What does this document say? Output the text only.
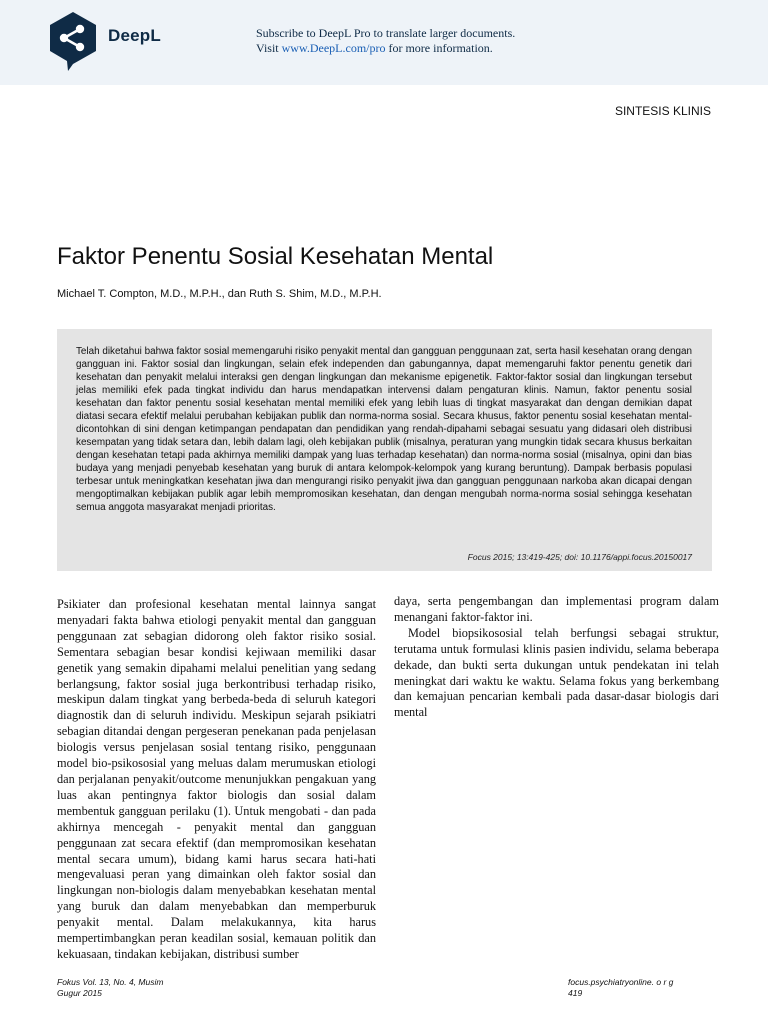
DeepL	Subscribe to DeepL Pro to translate larger documents.
Visit www.DeepL.com/pro for more information.
SINTESIS KLINIS
Faktor Penentu Sosial Kesehatan Mental
Michael T. Compton, M.D., M.P.H., dan Ruth S. Shim, M.D., M.P.H.

Telah diketahui bahwa faktor sosial memengaruhi risiko penyakit mental dan gangguan penggunaan zat, serta hasil kesehatan orang dengan gangguan ini. Faktor sosial dan lingkungan, selain efek independen dan gabungannya, dapat memengaruhi faktor penentu genetik dari kesehatan dan penyakit melalui interaksi gen dengan lingkungan dan mekanisme epigenetik. Faktor-faktor sosial dan lingkungan tersebut jelas memiliki efek pada tingkat individu dan harus mendapatkan intervensi dalam pengaturan klinis. Namun, faktor penentu sosial kesehatan dan faktor penentu sosial kesehatan mental memiliki efek yang lebih luas di tingkat masyarakat dan dengan demikian dapat diatasi secara efektif melalui perubahan kebijakan publik dan norma-norma sosial. Secara khusus, faktor penentu sosial kesehatan mental-dicontohkan di sini dengan ketimpangan pendapatan dan pendidikan yang rendah-dipahami sebagai sesuatu yang didasari oleh distribusi kesempatan yang tidak setara dan, lebih dalam lagi, oleh kebijakan publik (misalnya, peraturan yang mungkin tidak secara khusus berkaitan dengan kesehatan tetapi pada akhirnya memiliki dampak yang luas terhadap kesehatan) dan norma-norma sosial (misalnya, opini dan bias budaya yang menjadi penyebab kesehatan yang buruk di antara kelompok-kelompok yang kurang beruntung). Dampak berbasis populasi terbesar untuk meningkatkan kesehatan jiwa dan mengurangi risiko penyakit jiwa dan gangguan penggunaan narkoba akan dicapai dengan mengoptimalkan kebijakan publik agar lebih mempromosikan kesehatan, dan dengan mengubah norma-norma sosial sehingga kesehatan semua anggota masyarakat menjadi prioritas.

Focus 2015; 13:419-425; doi: 10.1176/appi.focus.20150017

Psikiater dan profesional kesehatan mental lainnya sangat menyadari fakta bahwa etiologi penyakit mental dan gangguan penggunaan zat sebagian didorong oleh faktor risiko sosial. Sementara sebagian besar kondisi kejiwaan memiliki dasar genetik yang semakin dipahami melalui penelitian yang sedang berlangsung, faktor sosial juga berkontribusi terhadap risiko, meskipun dalam tingkat yang berbeda-beda di seluruh kategori diagnostik dan di seluruh individu. Meskipun sejarah psikiatri sebagian ditandai dengan pergeseran penekanan pada penjelasan biologis versus penjelasan sosial tentang risiko, penggunaan model bio-psikososial yang meluas dalam merumuskan etiologi dan perjalanan penyakit/outcome menunjukkan pengakuan yang luas akan pentingnya faktor biologis dan sosial dalam membentuk gangguan perilaku (1). Untuk mengobati - dan pada akhirnya mencegah - penyakit mental dan gangguan penggunaan zat secara efektif (dan mempromosikan kesehatan mental secara umum), bidang kami harus secara hati-hati mengevaluasi peran yang dimainkan oleh faktor sosial dan lingkungan non-biologis dalam menyebabkan kesehatan mental yang buruk dan dalam menyebabkan dan memperburuk penyakit mental. Dalam melakukannya, kita harus mempertimbangkan peran keadilan sosial, kemauan politik dan kekuasaan, tindakan kebijakan, distribusi sumber

daya, serta pengembangan dan implementasi program dalam menangani faktor-faktor ini.

Model biopsikososial telah berfungsi sebagai struktur, terutama untuk formulasi klinis pasien individu, selama beberapa dekade, dan bukti serta dukungan untuk pendekatan ini telah meningkat dari waktu ke waktu. Selama fokus yang berkembang dan kemajuan pencarian kembali pada dasar-dasar biologis dari mental

Fokus Vol. 13, No. 4, Musim
Gugur 2015
focus.psychiatryonline. o r g
419
